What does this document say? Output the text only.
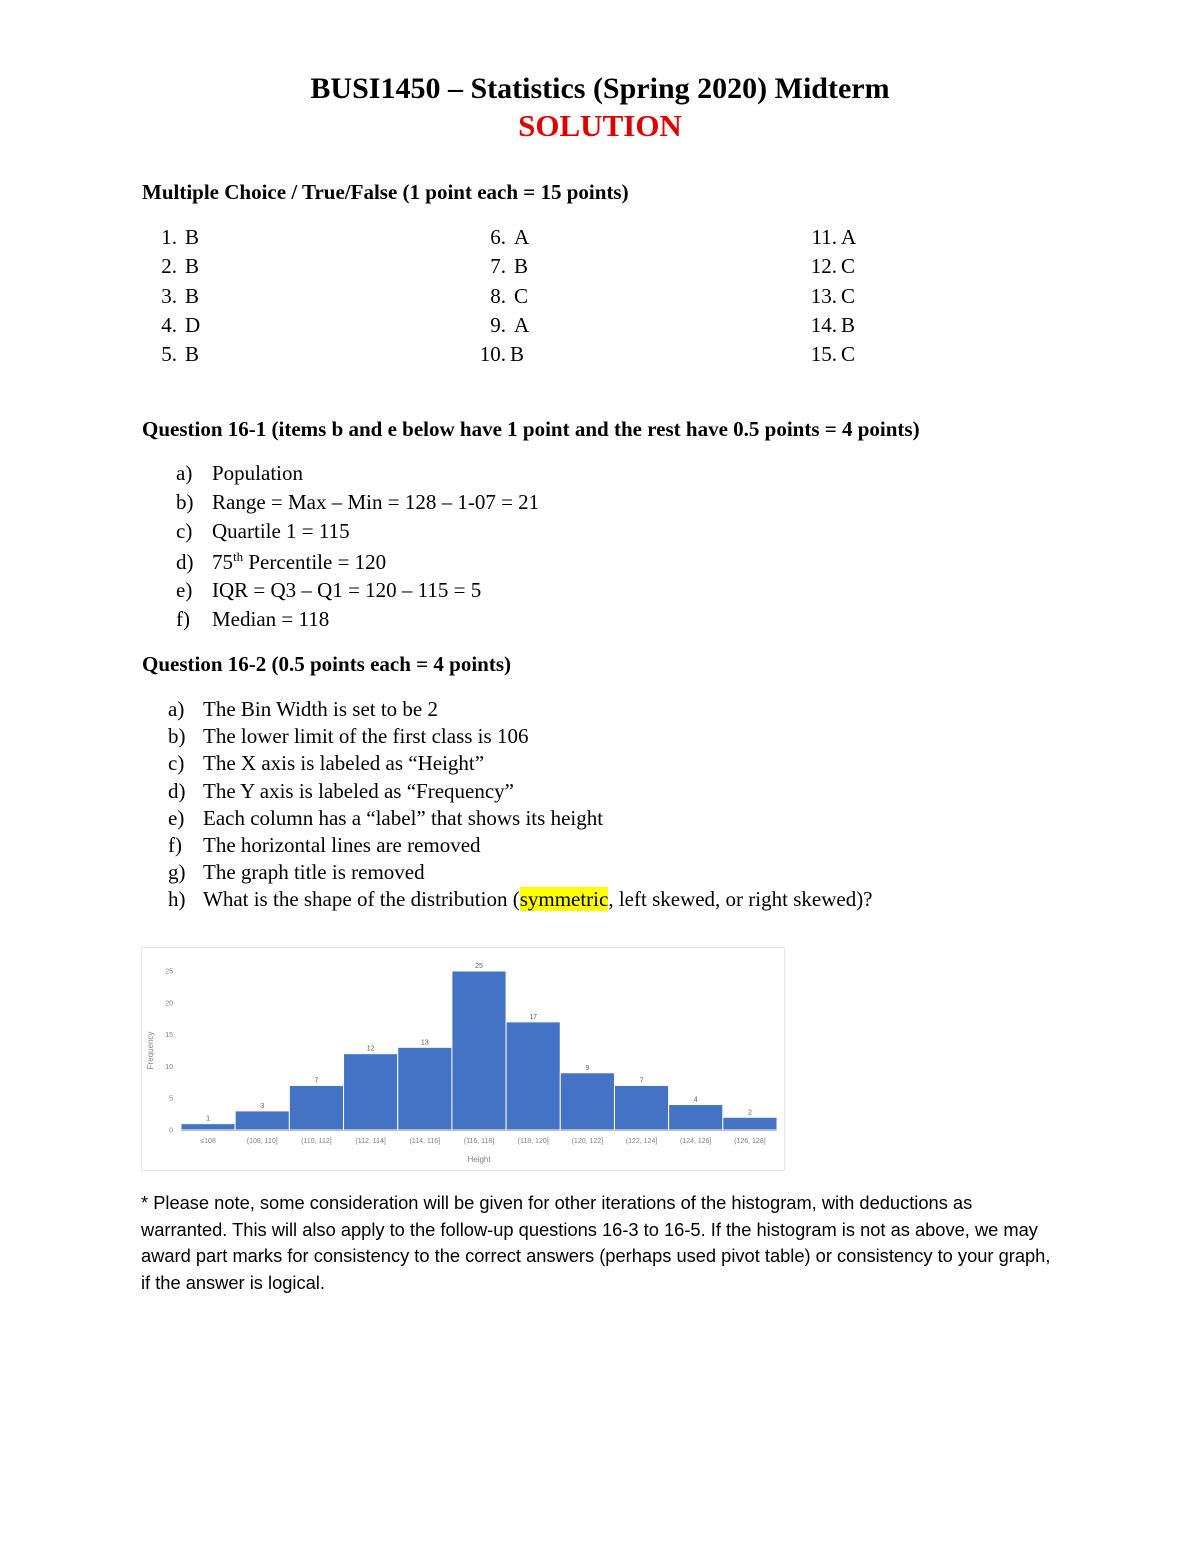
BUSI1450 – Statistics (Spring 2020) Midterm
SOLUTION
Multiple Choice / True/False (1 point each = 15 points)
1. B
2. B
3. B
4. D
5. B
6. A
7. B
8. C
9. A
10. B
11. A
12. C
13. C
14. B
15. C
Question 16-1 (items b and e below have 1 point and the rest have 0.5 points = 4 points)
a) Population
b) Range = Max – Min = 128 – 1-07 = 21
c) Quartile 1 = 115
d) 75th Percentile = 120
e) IQR = Q3 – Q1 = 120 – 115 = 5
f) Median = 118
Question 16-2 (0.5 points each = 4 points)
a) The Bin Width is set to be 2
b) The lower limit of the first class is 106
c) The X axis is labeled as “Height”
d) The Y axis is labeled as “Frequency”
e) Each column has a “label” that shows its height
f) The horizontal lines are removed
g) The graph title is removed
h) What is the shape of the distribution (symmetric, left skewed, or right skewed)?
1
3
7
12
13
25
17
9
7
4
2
0
5
10
15
20
25
≤108	(108, 110]	(110, 112]	(112, 114]	(114, 116]	(116, 118]	(118, 120]	(120, 122]	(122, 124]	(124, 126]	(126, 128]
Height
Frequency
* Please note, some consideration will be given for other iterations of the histogram, with deductions as warranted. This will also apply to the follow-up questions 16-3 to 16-5. If the histogram is not as above, we may award part marks for consistency to the correct answers (perhaps used pivot table) or consistency to your graph, if the answer is logical.
